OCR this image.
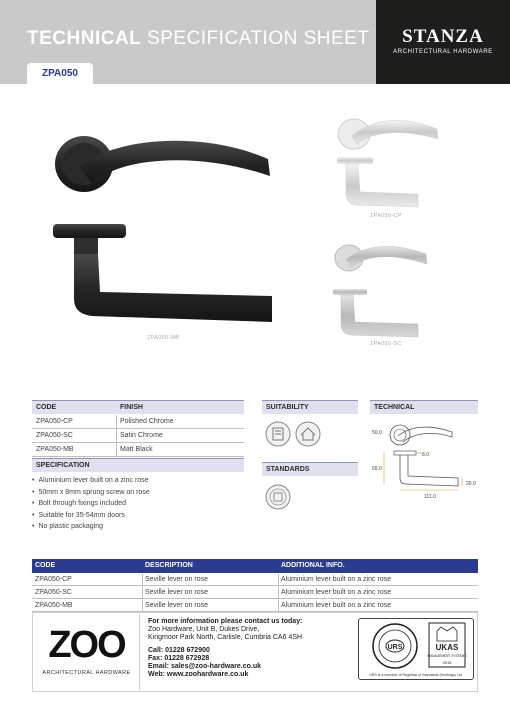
TECHNICAL SPECIFICATION SHEET	STANZA
ARCHITECTURAL HARDWARE
ZPA050
ZPA050-MB
ZPA050-CP
ZPA050-SC
CODE	FINISH
ZPA050-CP	Polished Chrome
ZPA050-SC	Satin Chrome
ZPA050-MB	Matt Black
SPECIFICATION
• Aluminium lever built on a zinc rose
• 50mm x 8mm sprung screw on rose
• Bolt through fixings included
• Suitable for 35-54mm doors
• No plastic packaging
SUITABILITY
STANDARDS
TECHNICAL
50.0
8.0
65.0
20.0
111.0
CODE	DESCRIPTION	ADDITIONAL INFO.
ZPA050-CP	Seville lever on rose	Aluminium lever built on a zinc rose
ZPA050-SC	Seville lever on rose	Aluminium lever built on a zinc rose
ZPA050-MB	Seville lever on rose	Aluminium lever built on a zinc rose
ZOO
ARCHITECTURAL HARDWARE
For more information please contact us today:
Zoo Hardware, Unit B, Dukes Drive,
Kingmoor Park North, Carlisle, Cumbria CA6 4SH
Call: 01228 672900
Fax: 01228 672928
Email: sales@zoo-hardware.co.uk
Web: www.zoohardware.co.uk
URS	UKAS
MANAGEMENT SYSTEMS
0015
URS is a member of Registrar of Standards (Holdings) Ltd.
